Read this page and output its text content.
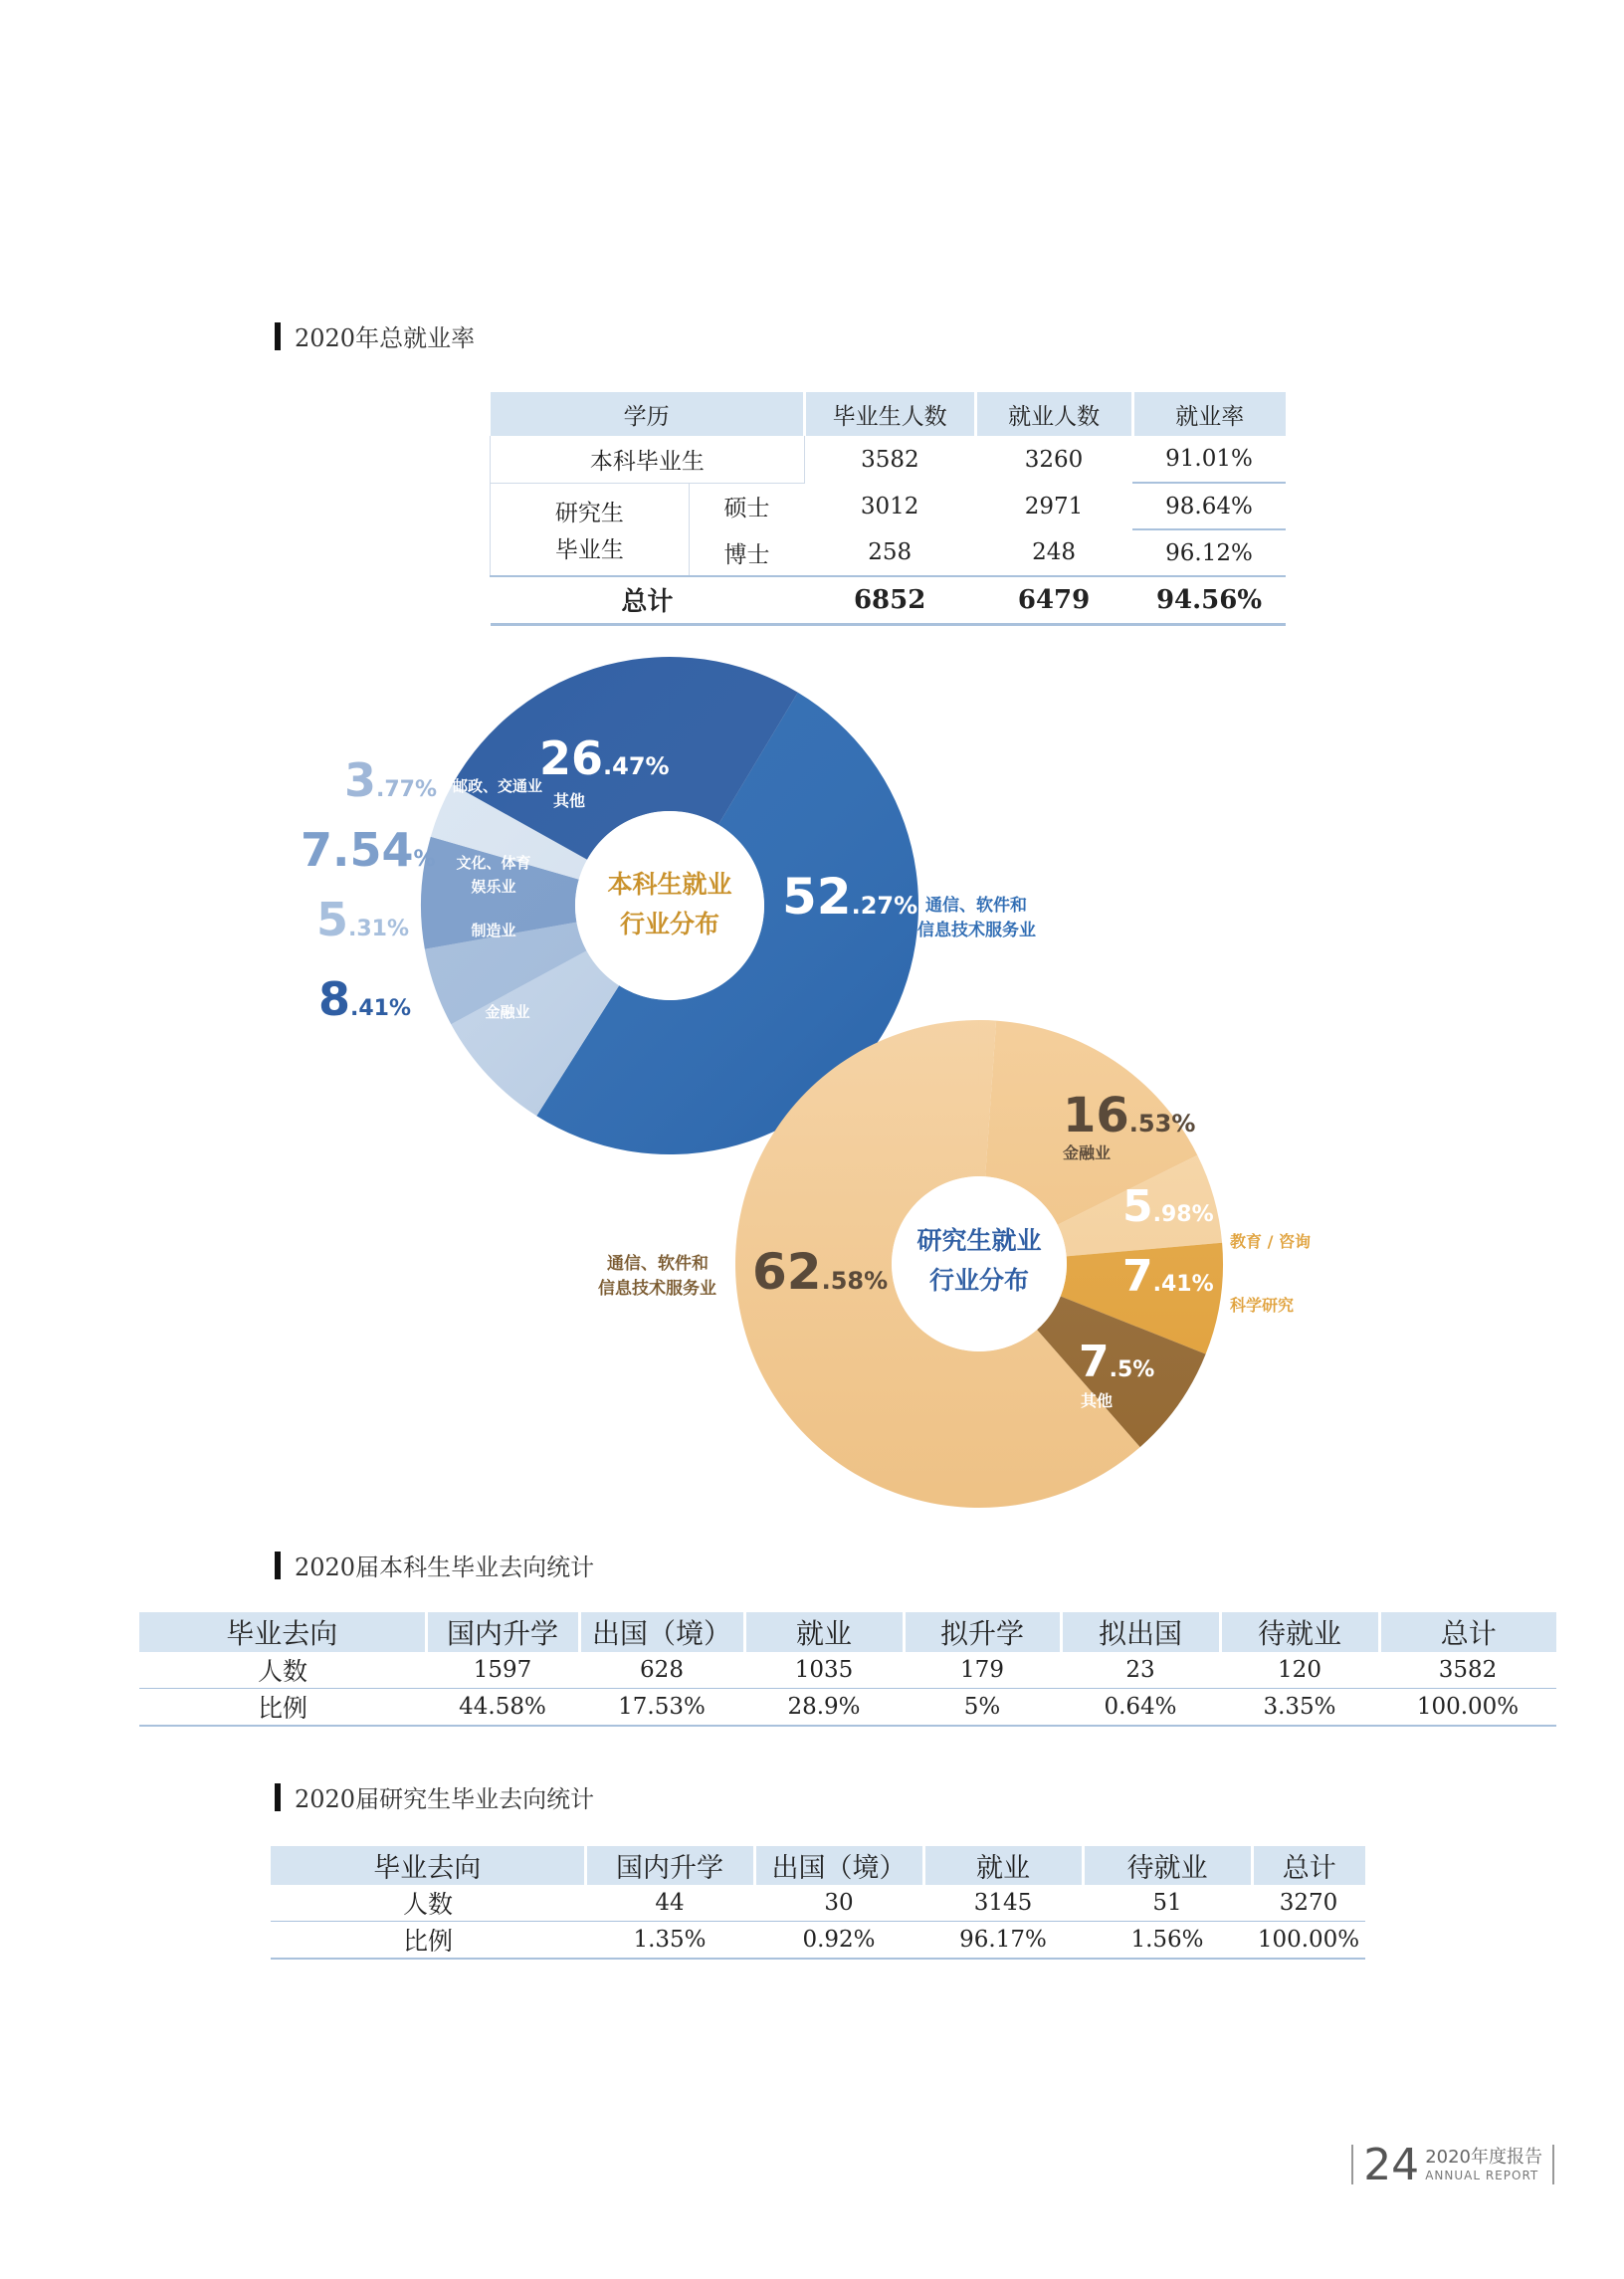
2020年总就业率
学历		毕业生人数	就业人数	就业率
本科毕业生		3582	3260	91.01%
研究生	硕士	3012	2971	98.64%
毕业生	博士	258	248	96.12%
总计		6852	6479	94.56%
本科生就业
行业分布 52.27% 通信、软件和
信息技术服务业
26.47%
其他
3.77% 邮政、交通业
7.54% 文化、体育
娱乐业
5.31%	制造业
8.41%	金融业
研究生就业
行业分布
16.53%
金融业
5.98%
教育 / 咨询
7.41%
科学研究
7.5%
其他
62.58%
通信、软件和
信息技术服务业
2020届本科生毕业去向统计
毕业去向	国内升学	出国（境）	就业	拟升学	拟出国	待就业	总计
人数	1597	628	1035	179	23	120	3582
比例	44.58%	17.53%	28.9%	5%	0.64%	3.35%	100.00%
2020届研究生毕业去向统计
毕业去向	国内升学	出国（境）	就业	待就业	总计
人数	44	30	3145	51	3270
比例	1.35%	0.92%	96.17%	1.56%	100.00%
24 2020年度报告
ANNUAL REPORT
